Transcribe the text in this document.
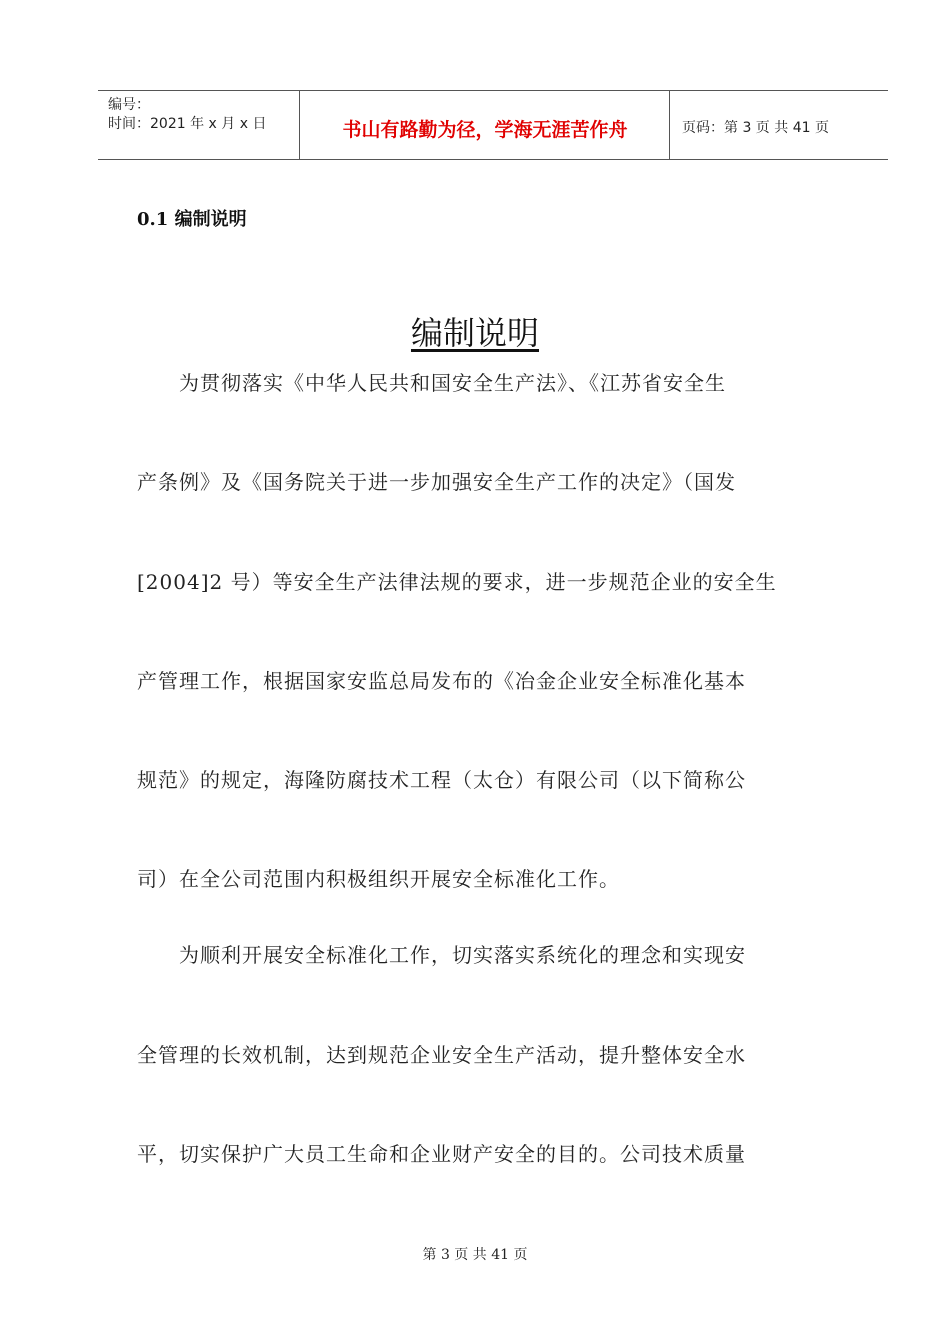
编号：
时间：2021 年 x 月 x 日	书山有路勤为径，学海无涯苦作舟	页码：第 3 页 共 41 页
0.1 编制说明
编制说明
　　为贯彻落实《中华人民共和国安全生产法》、《江苏省安全生
产条例》及《国务院关于进一步加强安全生产工作的决定》（国发
[2004]2 号）等安全生产法律法规的要求，进一步规范企业的安全生
产管理工作，根据国家安监总局发布的《冶金企业安全标准化基本
规范》的规定，海隆防腐技术工程（太仓）有限公司（以下简称公
司）在全公司范围内积极组织开展安全标准化工作。
　　为顺利开展安全标准化工作，切实落实系统化的理念和实现安
全管理的长效机制，达到规范企业安全生产活动，提升整体安全水
平，切实保护广大员工生命和企业财产安全的目的。公司技术质量
第 3 页 共 41 页
